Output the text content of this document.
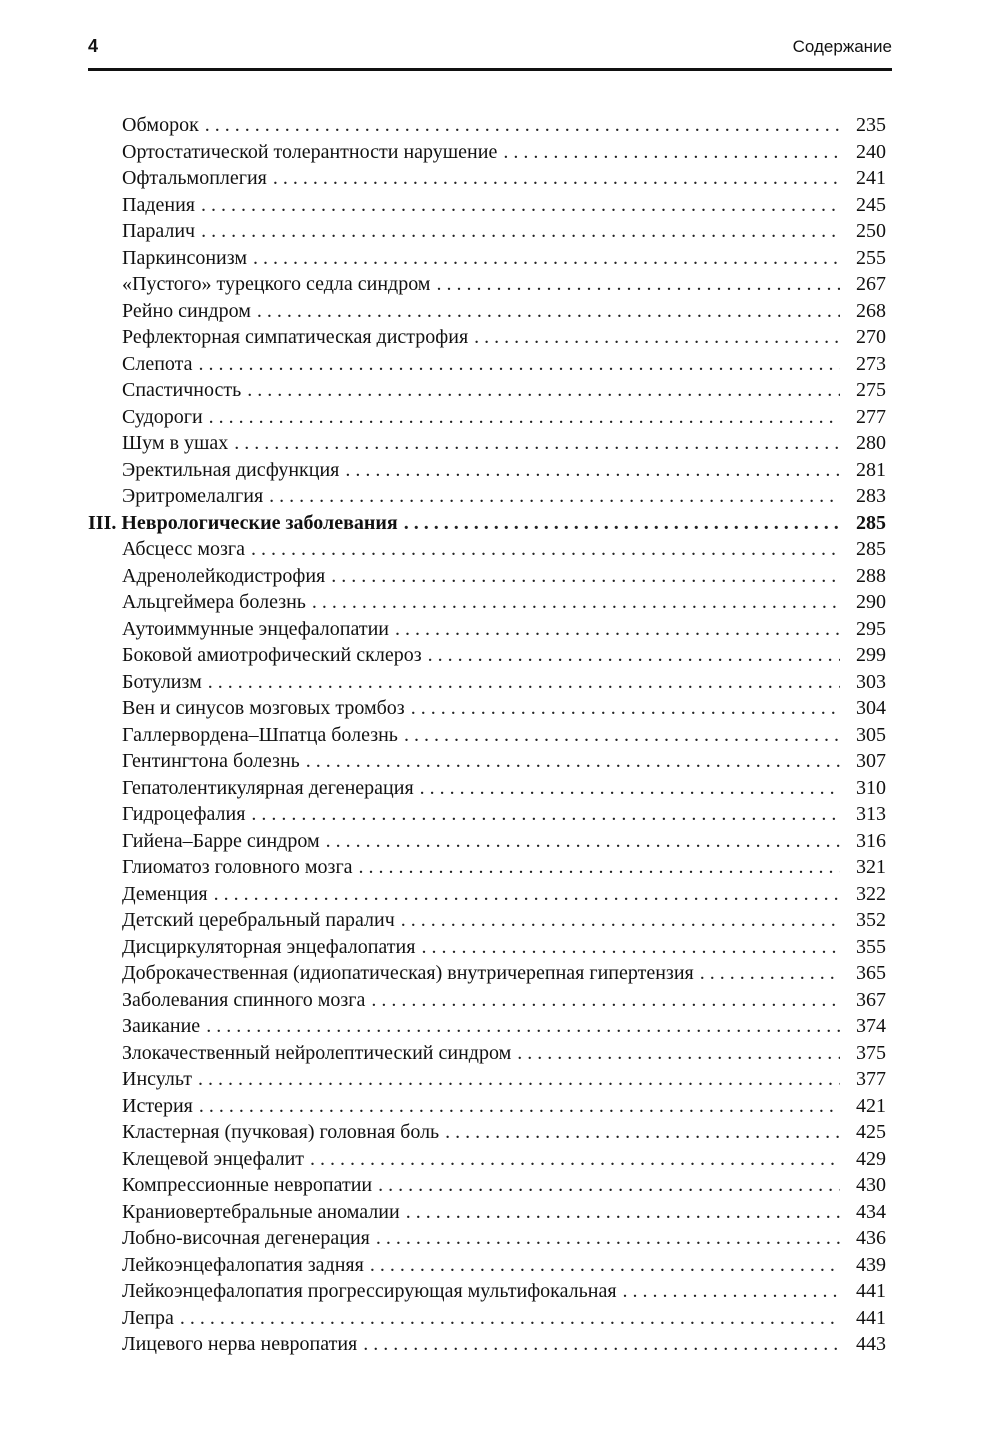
4	Содержание
Обморок . . .	235
Ортостатической толерантности нарушение . . .	240
Офтальмоплегия . . .	241
Падения . . .	245
Паралич . . .	250
Паркинсонизм . . .	255
«Пустого» турецкого седла синдром . . .	267
Рейно синдром . . .	268
Рефлекторная симпатическая дистрофия . . .	270
Слепота . . .	273
Спастичность . . .	275
Судороги . . .	277
Шум в ушах . . .	280
Эректильная дисфункция . . .	281
Эритромелалгия . . .	283
III. Неврологические заболевания . . .	285
Абсцесс мозга . . .	285
Адренолейкодистрофия . . .	288
Альцгеймера болезнь . . .	290
Аутоиммунные энцефалопатии . . .	295
Боковой амиотрофический склероз . . .	299
Ботулизм . . .	303
Вен и синусов мозговых тромбоз . . .	304
Галлервордена–Шпатца болезнь . . .	305
Гентингтона болезнь . . .	307
Гепатолентикулярная дегенерация . . .	310
Гидроцефалия . . .	313
Гийена–Барре синдром . . .	316
Глиоматоз головного мозга . . .	321
Деменция . . .	322
Детский церебральный паралич . . .	352
Дисциркуляторная энцефалопатия . . .	355
Доброкачественная (идиопатическая) внутричерепная гипертензия . . .	365
Заболевания спинного мозга . . .	367
Заикание . . .	374
Злокачественный нейролептический синдром . . .	375
Инсульт . . .	377
Истерия . . .	421
Кластерная (пучковая) головная боль . . .	425
Клещевой энцефалит . . .	429
Компрессионные невропатии . . .	430
Краниовертебральные аномалии . . .	434
Лобно-височная дегенерация . . .	436
Лейкоэнцефалопатия задняя . . .	439
Лейкоэнцефалопатия прогрессирующая мультифокальная . . .	441
Лепра . . .	441
Лицевого нерва невропатия . . .	443
